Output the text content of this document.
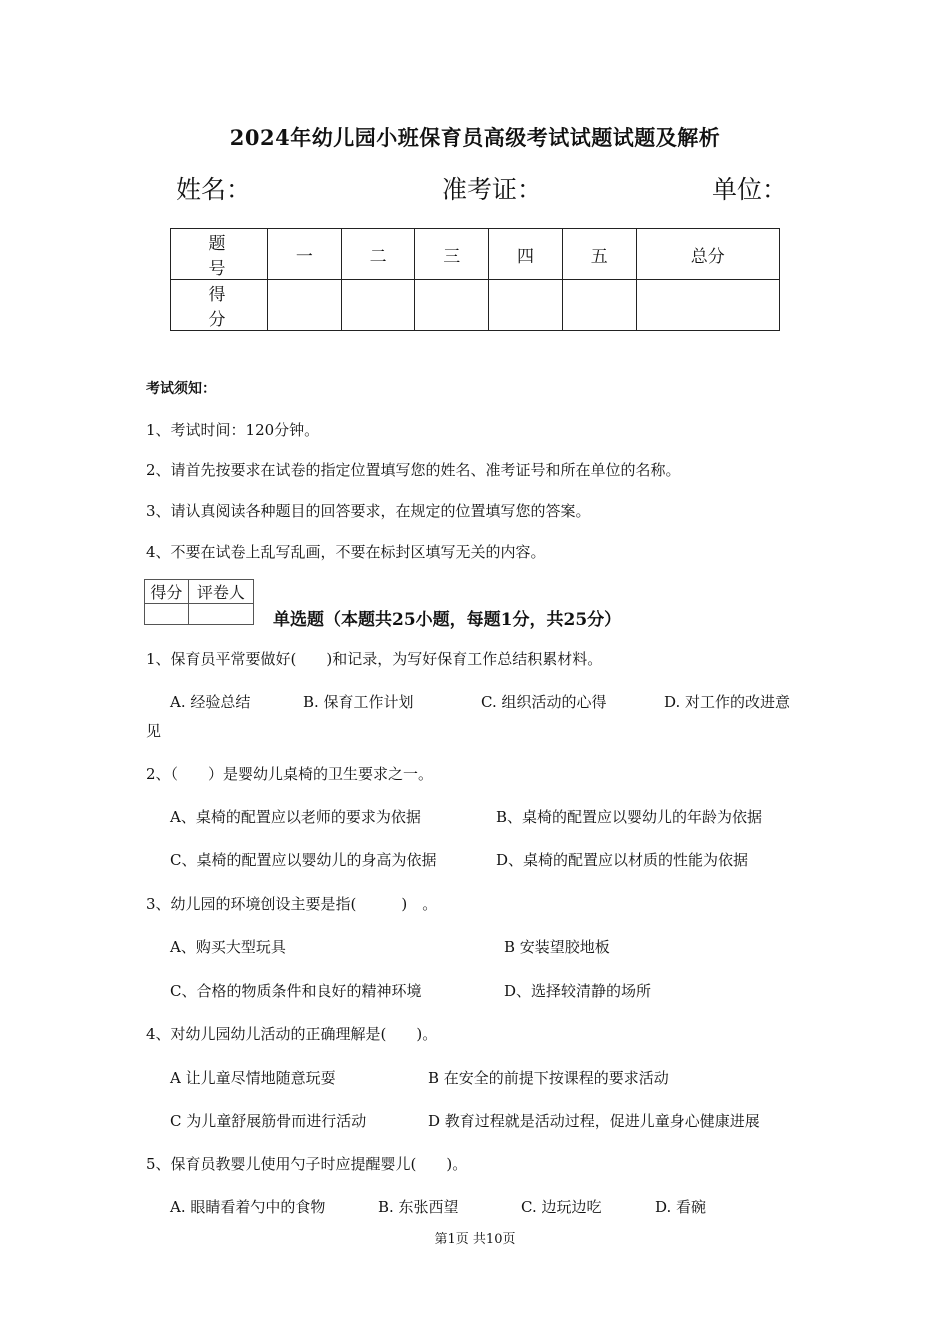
2024年幼儿园小班保育员高级考试试题试题及解析
姓名：	准考证：	单位：
题　号	一	二	三	四	五	总分
得　分						
考试须知：
1、考试时间：120分钟。
2、请首先按要求在试卷的指定位置填写您的姓名、准考证号和所在单位的名称。
3、请认真阅读各种题目的回答要求，在规定的位置填写您的答案。
4、不要在试卷上乱写乱画，不要在标封区填写无关的内容。
得分	评卷人

单选题（本题共25小题，每题1分，共25分）
1、保育员平常要做好(　　)和记录，为写好保育工作总结积累材料。
A. 经验总结	B. 保育工作计划	C. 组织活动的心得	D. 对工作的改进意
见
2、（　　）是婴幼儿桌椅的卫生要求之一。
A、桌椅的配置应以老师的要求为依据	B、桌椅的配置应以婴幼儿的年龄为依据
C、桌椅的配置应以婴幼儿的身高为依据	D、桌椅的配置应以材质的性能为依据
3、幼儿园的环境创设主要是指(　　　)　。
A、购买大型玩具	B 安装望胶地板
C、合格的物质条件和良好的精神环境	D、选择较清静的场所
4、对幼儿园幼儿活动的正确理解是(　　)。
A 让儿童尽情地随意玩耍	B 在安全的前提下按课程的要求活动
C 为儿童舒展筋骨而进行活动	D 教育过程就是活动过程，促进儿童身心健康进展
5、保育员教婴儿使用勺子时应提醒婴儿(　　)。
A. 眼睛看着勺中的食物	B. 东张西望	C. 边玩边吃	D. 看碗
第1页 共10页
